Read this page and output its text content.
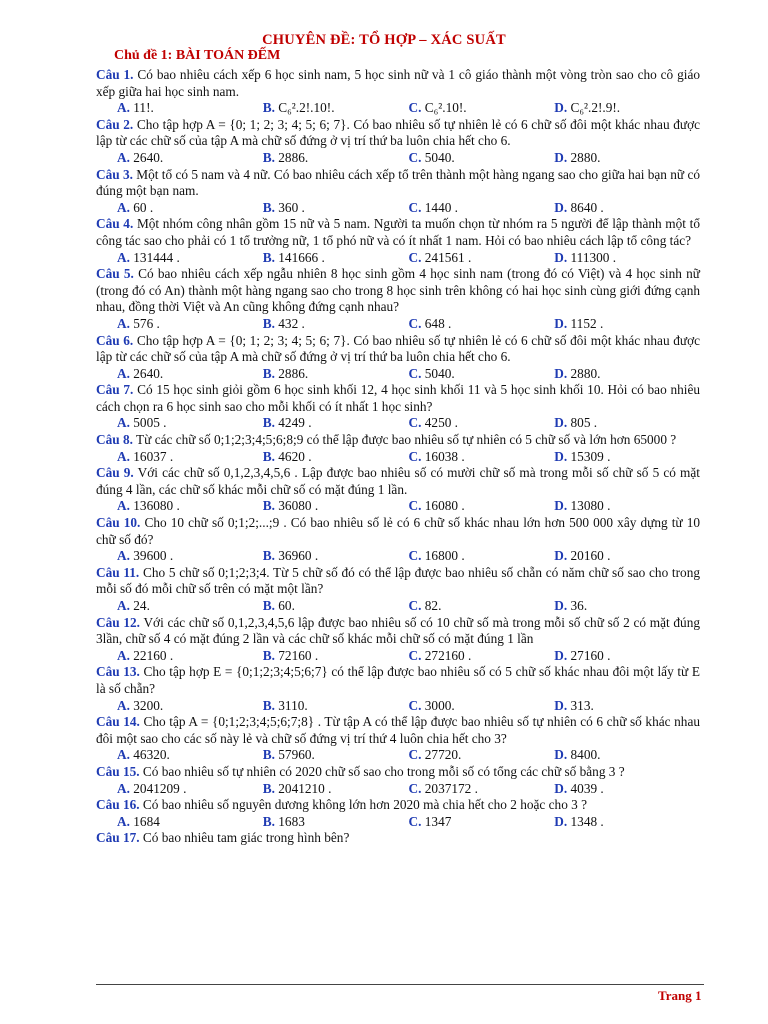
CHUYÊN ĐỀ: TỔ HỢP – XÁC SUẤT
Chủ đề 1: BÀI TOÁN ĐẾM
Câu 1. Có bao nhiêu cách xếp 6 học sinh nam, 5 học sinh nữ và 1 cô giáo thành một vòng tròn sao cho cô giáo xếp giữa hai học sinh nam.
A. 11!.	B. C₆².2!.10!.	C. C₆².10!.	D. C₆².2!.9!.
Câu 2. Cho tập hợp A = {0; 1; 2; 3; 4; 5; 6; 7}. Có bao nhiêu số tự nhiên lẻ có 6 chữ số đôi một khác nhau được lập từ các chữ số của tập A mà chữ số đứng ở vị trí thứ ba luôn chia hết cho 6.
A. 2640.	B. 2886.	C. 5040.	D. 2880.
Câu 3. Một tổ có 5 nam và 4 nữ. Có bao nhiêu cách xếp tổ trên thành một hàng ngang sao cho giữa hai bạn nữ có đúng một bạn nam.
A. 60 .	B. 360 .	C. 1440 .	D. 8640 .
Câu 4. Một nhóm công nhân gồm 15 nữ và 5 nam. Người ta muốn chọn từ nhóm ra 5 người để lập thành một tổ công tác sao cho phải có 1 tổ trưởng nữ, 1 tổ phó nữ và có ít nhất 1 nam. Hỏi có bao nhiêu cách lập tổ công tác?
A. 131444 .	B. 141666 .	C. 241561 .	D. 111300 .
Câu 5. Có bao nhiêu cách xếp ngẫu nhiên 8 học sinh gồm 4 học sinh nam (trong đó có Việt) và 4 học sinh nữ (trong đó có An) thành một hàng ngang sao cho trong 8 học sinh trên không có hai học sinh cùng giới đứng cạnh nhau, đồng thời Việt và An cũng không đứng cạnh nhau?
A. 576 .	B. 432 .	C. 648 .	D. 1152 .
Câu 6. Cho tập hợp A = {0; 1; 2; 3; 4; 5; 6; 7}. Có bao nhiêu số tự nhiên lẻ có 6 chữ số đôi một khác nhau được lập từ các chữ số của tập A mà chữ số đứng ở vị trí thứ ba luôn chia hết cho 6.
A. 2640.	B. 2886.	C. 5040.	D. 2880.
Câu 7. Có 15 học sinh giỏi gồm 6 học sinh khối 12, 4 học sinh khối 11 và 5 học sinh khối 10. Hỏi có bao nhiêu cách chọn ra 6 học sinh sao cho mỗi khối có ít nhất 1 học sinh?
A. 5005 .	B. 4249 .	C. 4250 .	D. 805 .
Câu 8. Từ các chữ số 0;1;2;3;4;5;6;8;9 có thể lập được bao nhiêu số tự nhiên có 5 chữ số và lớn hơn 65000 ?
A. 16037 .	B. 4620 .	C. 16038 .	D. 15309 .
Câu 9. Với các chữ số 0,1,2,3,4,5,6 . Lập được bao nhiêu số có mười chữ số mà trong mỗi số chữ số 5 có mặt đúng 4 lần, các chữ số khác mỗi chữ số có mặt đúng 1 lần.
A. 136080 .	B. 36080 .	C. 16080 .	D. 13080 .
Câu 10. Cho 10 chữ số 0;1;2;...;9 . Có bao nhiêu số lẻ có 6 chữ số khác nhau lớn hơn 500 000 xây dựng từ 10 chữ số đó?
A. 39600 .	B. 36960 .	C. 16800 .	D. 20160 .
Câu 11. Cho 5 chữ số 0;1;2;3;4. Từ 5 chữ số đó có thể lập được bao nhiêu số chẵn có năm chữ số sao cho trong mỗi số đó mỗi chữ số trên có mặt một lần?
A. 24.	B. 60.	C. 82.	D. 36.
Câu 12. Với các chữ số 0,1,2,3,4,5,6 lập được bao nhiêu số có 10 chữ số mà trong mỗi số chữ số 2 có mặt đúng 3lần, chữ số 4 có mặt đúng 2 lần và các chữ số khác mỗi chữ số có mặt đúng 1 lần
A. 22160 .	B. 72160 .	C. 272160 .	D. 27160 .
Câu 13. Cho tập hợp E = {0;1;2;3;4;5;6;7} có thể lập được bao nhiêu số có 5 chữ số khác nhau đôi một lấy từ E là số chẵn?
A. 3200.	B. 3110.	C. 3000.	D. 313.
Câu 14. Cho tập A = {0;1;2;3;4;5;6;7;8} . Từ tập A có thể lập được bao nhiêu số tự nhiên có 6 chữ số khác nhau đôi một sao cho các số này lẻ và chữ số đứng vị trí thứ 4 luôn chia hết cho 3?
A. 46320.	B. 57960.	C. 27720.	D. 8400.
Câu 15. Có bao nhiêu số tự nhiên có 2020 chữ số sao cho trong mỗi số có tổng các chữ số bằng 3 ?
A. 2041209 .	B. 2041210 .	C. 2037172 .	D. 4039 .
Câu 16. Có bao nhiêu số nguyên dương không lớn hơn 2020 mà chia hết cho 2 hoặc cho 3 ?
A. 1684	B. 1683	C. 1347	D. 1348 .
Câu 17. Có bao nhiêu tam giác trong hình bên?
Trang 1
